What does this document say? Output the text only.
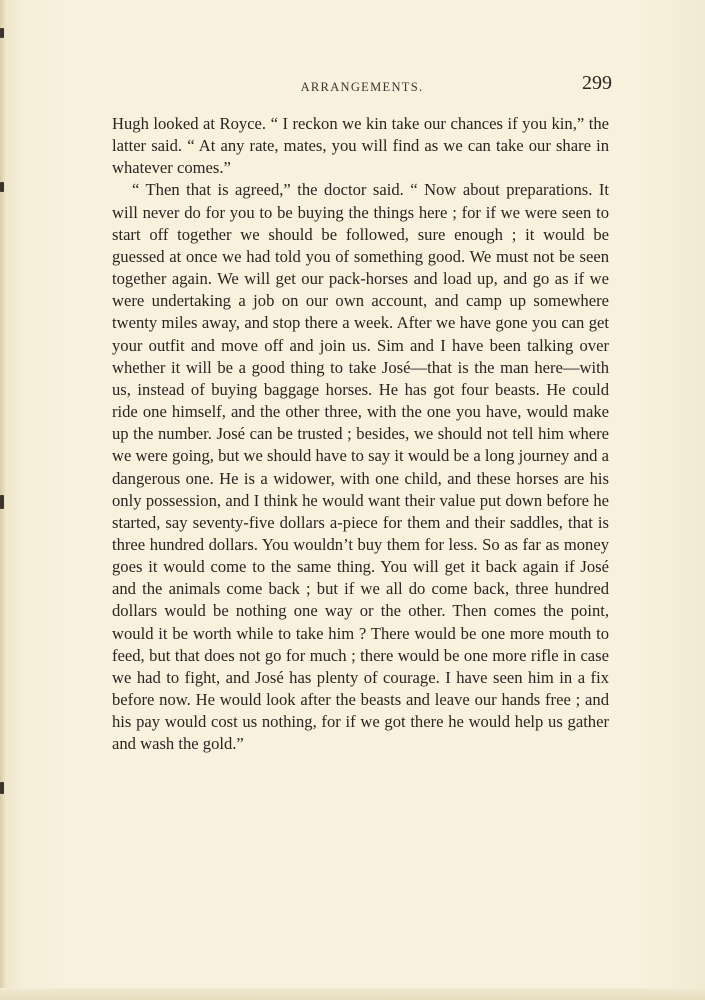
ARRANGEMENTS.	299

Hugh looked at Royce. “ I reckon we kin take our chances if you kin,” the latter said. “ At any rate, mates, you will find as we can take our share in whatever comes.”

“ Then that is agreed,” the doctor said. “ Now about preparations. It will never do for you to be buying the things here ; for if we were seen to start off together we should be followed, sure enough ; it would be guessed at once we had told you of something good. We must not be seen together again. We will get our pack-horses and load up, and go as if we were undertaking a job on our own account, and camp up somewhere twenty miles away, and stop there a week. After we have gone you can get your outfit and move off and join us. Sim and I have been talking over whether it will be a good thing to take José—that is the man here—with us, instead of buying baggage horses. He has got four beasts. He could ride one himself, and the other three, with the one you have, would make up the number. José can be trusted ; besides, we should not tell him where we were going, but we should have to say it would be a long journey and a dangerous one. He is a widower, with one child, and these horses are his only possession, and I think he would want their value put down before he started, say seventy-five dollars a-piece for them and their saddles, that is three hundred dollars. You wouldn’t buy them for less. So as far as money goes it would come to the same thing. You will get it back again if José and the animals come back ; but if we all do come back, three hundred dollars would be nothing one way or the other. Then comes the point, would it be worth while to take him ? There would be one more mouth to feed, but that does not go for much ; there would be one more rifle in case we had to fight, and José has plenty of courage. I have seen him in a fix before now. He would look after the beasts and leave our hands free ; and his pay would cost us nothing, for if we got there he would help us gather and wash the gold.”
